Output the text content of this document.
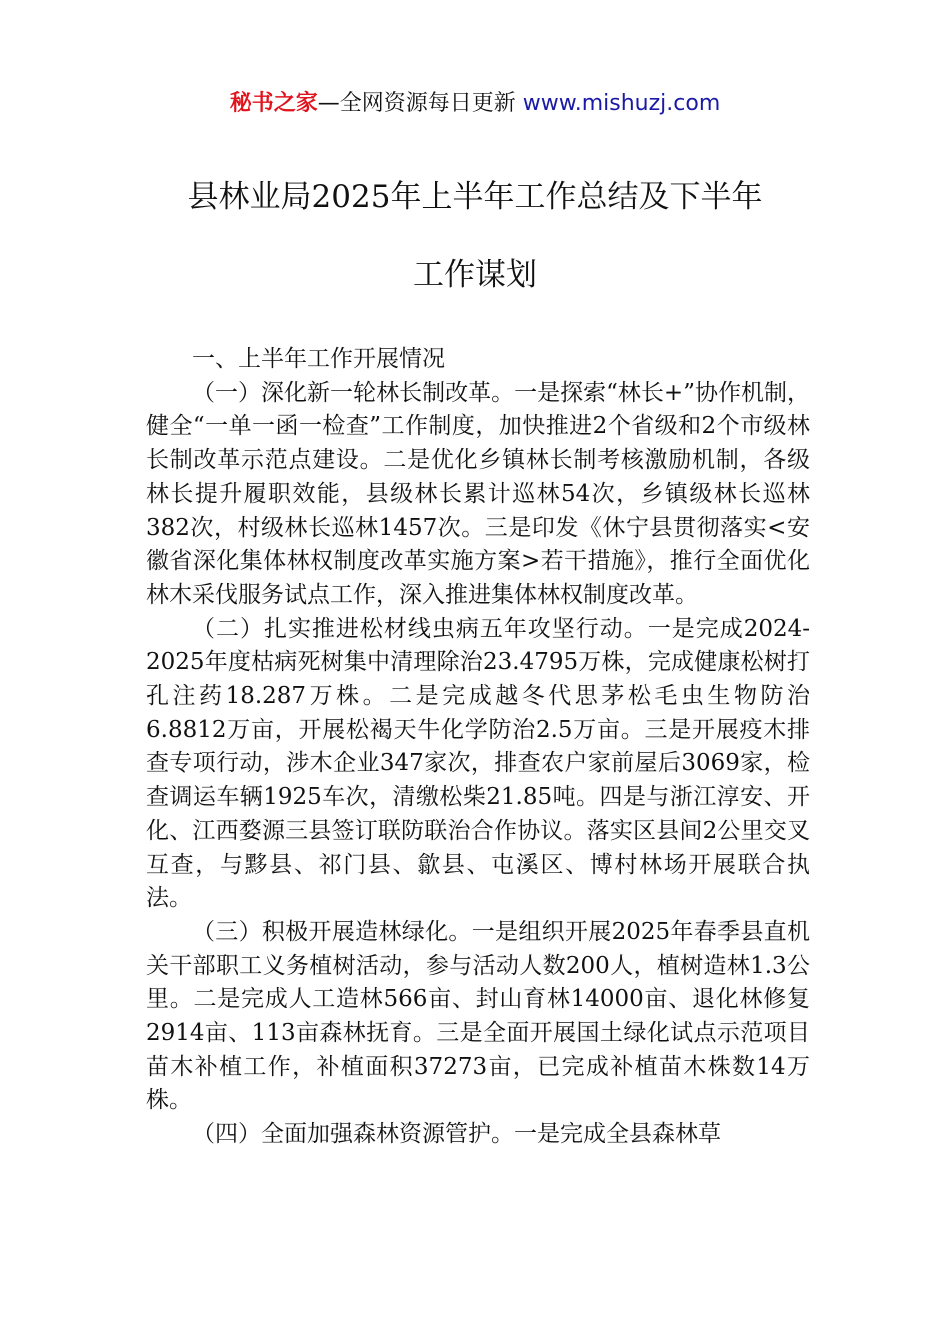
秘书之家—全网资源每日更新 www.mishuzj.com
县林业局2025年上半年工作总结及下半年
工作谋划

一、上半年工作开展情况

（一）深化新一轮林长制改革。一是探索“林长+”协作机制，健全“一单一函一检查”工作制度，加快推进2个省级和2个市级林长制改革示范点建设。二是优化乡镇林长制考核激励机制，各级林长提升履职效能，县级林长累计巡林54次，乡镇级林长巡林382次，村级林长巡林1457次。三是印发《休宁县贯彻落实<安徽省深化集体林权制度改革实施方案>若干措施》，推行全面优化林木采伐服务试点工作，深入推进集体林权制度改革。

（二）扎实推进松材线虫病五年攻坚行动。一是完成2024-2025年度枯病死树集中清理除治23.4795万株，完成健康松树打孔注药18.287万株。二是完成越冬代思茅松毛虫生物防治6.8812万亩，开展松褐天牛化学防治2.5万亩。三是开展疫木排查专项行动，涉木企业347家次，排查农户家前屋后3069家，检查调运车辆1925车次，清缴松柴21.85吨。四是与浙江淳安、开化、江西婺源三县签订联防联治合作协议。落实区县间2公里交叉互查，与黟县、祁门县、歙县、屯溪区、博村林场开展联合执法。

（三）积极开展造林绿化。一是组织开展2025年春季县直机关干部职工义务植树活动，参与活动人数200人，植树造林1.3公里。二是完成人工造林566亩、封山育林14000亩、退化林修复2914亩、113亩森林抚育。三是全面开展国土绿化试点示范项目苗木补植工作，补植面积37273亩，已完成补植苗木株数14万株。

（四）全面加强森林资源管护。一是完成全县森林草
